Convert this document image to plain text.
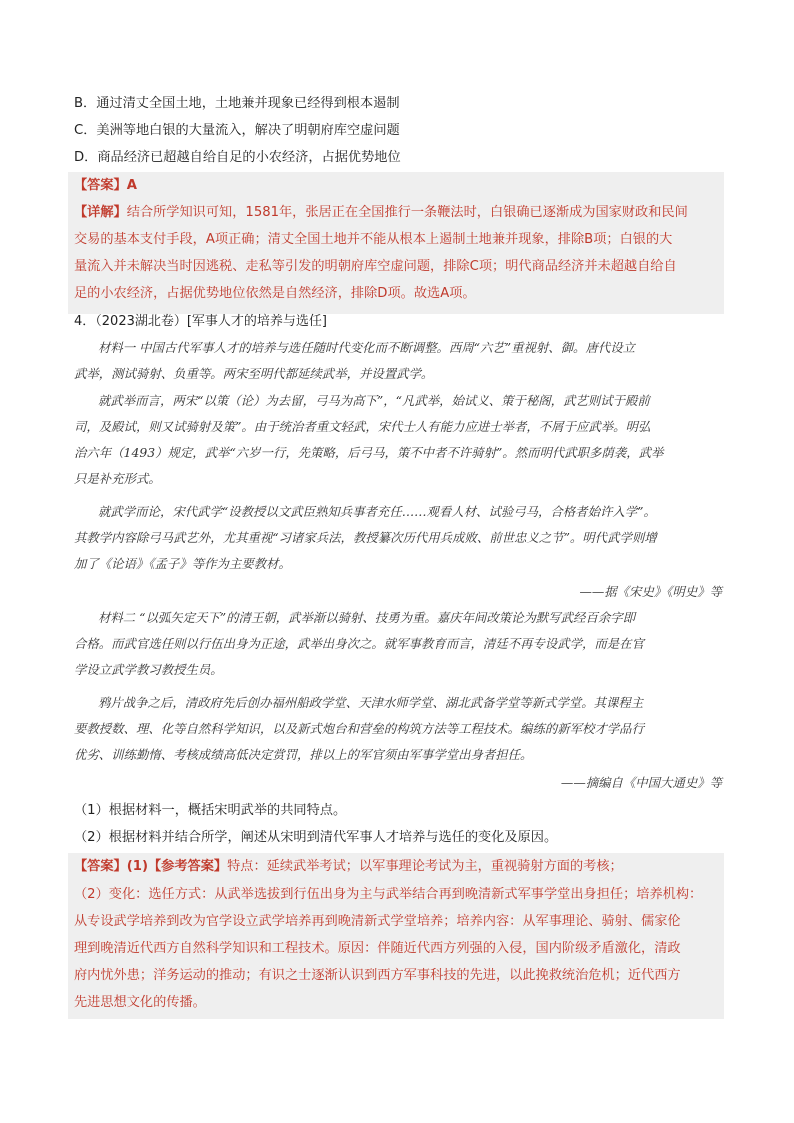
B．通过清丈全国土地，土地兼并现象已经得到根本遏制
C．美洲等地白银的大量流入，解决了明朝府库空虚问题
D．商品经济已超越自给自足的小农经济，占据优势地位
【答案】A
【详解】结合所学知识可知，1581年，张居正在全国推行一条鞭法时，白银确已逐渐成为国家财政和民间
交易的基本支付手段，A项正确；清丈全国土地并不能从根本上遏制土地兼并现象，排除B项；白银的大
量流入并未解决当时因逃税、走私等引发的明朝府库空虚问题，排除C项；明代商品经济并未超越自给自
足的小农经济，占据优势地位依然是自然经济，排除D项。故选A项。
4．（2023湖北卷）[军事人才的培养与选任]
材料一 中国古代军事人才的培养与选任随时代变化而不断调整。西周“六艺”重视射、御。唐代设立
武举，测试骑射、负重等。两宋至明代都延续武举，并设置武学。
就武举而言，两宋“以策（论）为去留，弓马为高下”，“凡武举，始试义、策于秘阁，武艺则试于殿前
司，及殿试，则又试骑射及策”。由于统治者重文轻武，宋代士人有能力应进士举者，不屑于应武举。明弘
治六年（1493）规定，武举“六岁一行，先策略，后弓马，策不中者不许骑射”。然而明代武职多荫袭，武举
只是补充形式。
就武学而论，宋代武学“设教授以文武臣熟知兵事者充任……观看人材、试验弓马，合格者始许入学”。
其教学内容除弓马武艺外，尤其重视“习诸家兵法，教授纂次历代用兵成败、前世忠义之节”。明代武学则增
加了《论语》《孟子》等作为主要教材。
——据《宋史》《明史》等
材料二 “以弧矢定天下”的清王朝，武举渐以骑射、技勇为重。嘉庆年间改策论为默写武经百余字即
合格。而武官选任则以行伍出身为正途，武举出身次之。就军事教育而言，清廷不再专设武学，而是在官
学设立武学教习教授生员。
鸦片战争之后，清政府先后创办福州船政学堂、天津水师学堂、湖北武备学堂等新式学堂。其课程主
要教授数、理、化等自然科学知识，以及新式炮台和营垒的构筑方法等工程技术。编练的新军校才学品行
优劣、训练勤惰、考核成绩高低决定赏罚，排以上的军官须由军事学堂出身者担任。
——摘编自《中国大通史》等
（1）根据材料一，概括宋明武举的共同特点。
（2）根据材料并结合所学，阐述从宋明到清代军事人才培养与选任的变化及原因。
【答案】(1)【参考答案】特点：延续武举考试；以军事理论考试为主，重视骑射方面的考核；
（2）变化：选任方式：从武举选拔到行伍出身为主与武举结合再到晚清新式军事学堂出身担任；培养机构：
从专设武学培养到改为官学设立武学培养再到晚清新式学堂培养；培养内容：从军事理论、骑射、儒家伦
理到晚清近代西方自然科学知识和工程技术。原因：伴随近代西方列强的入侵，国内阶级矛盾激化，清政
府内忧外患；洋务运动的推动；有识之士逐渐认识到西方军事科技的先进，以此挽救统治危机；近代西方
先进思想文化的传播。
